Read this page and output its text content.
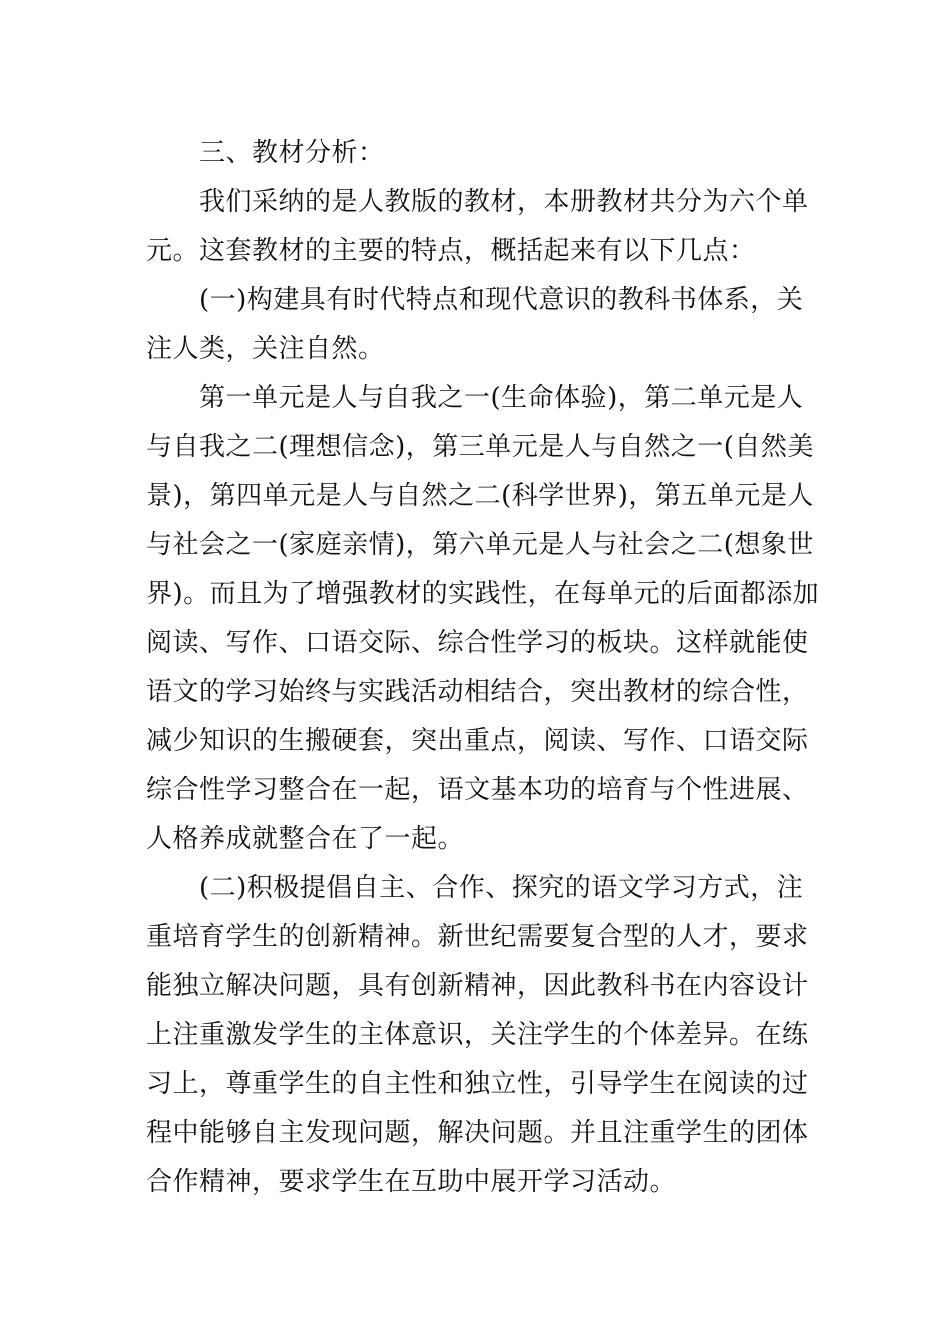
三、教材分析：
我们采纳的是人教版的教材，本册教材共分为六个单
元。这套教材的主要的特点，概括起来有以下几点：
(一)构建具有时代特点和现代意识的教科书体系，关
注人类，关注自然。
第一单元是人与自我之一(生命体验)，第二单元是人
与自我之二(理想信念)，第三单元是人与自然之一(自然美
景)，第四单元是人与自然之二(科学世界)，第五单元是人
与社会之一(家庭亲情)，第六单元是人与社会之二(想象世
界)。而且为了增强教材的实践性，在每单元的后面都添加
阅读、写作、口语交际、综合性学习的板块。这样就能使
语文的学习始终与实践活动相结合，突出教材的综合性，
减少知识的生搬硬套，突出重点，阅读、写作、口语交际
综合性学习整合在一起，语文基本功的培育与个性进展、
人格养成就整合在了一起。
(二)积极提倡自主、合作、探究的语文学习方式，注
重培育学生的创新精神。新世纪需要复合型的人才，要求
能独立解决问题，具有创新精神，因此教科书在内容设计
上注重激发学生的主体意识，关注学生的个体差异。在练
习上，尊重学生的自主性和独立性，引导学生在阅读的过
程中能够自主发现问题，解决问题。并且注重学生的团体
合作精神，要求学生在互助中展开学习活动。
